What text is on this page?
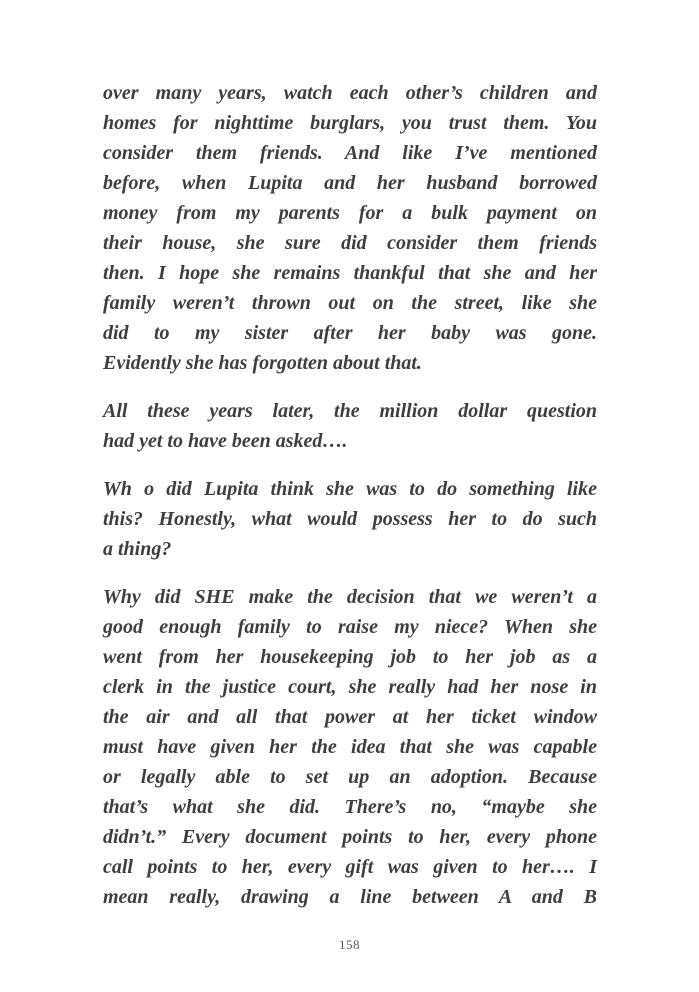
over many years, watch each other’s children and
homes for nighttime burglars, you trust them. You
consider them friends. And like I’ve mentioned
before, when Lupita and her husband borrowed
money from my parents for a bulk payment on
their house, she sure did consider them friends
then. I hope she remains thankful that she and her
family weren’t thrown out on the street, like she
did to my sister after her baby was gone.
Evidently she has forgotten about that.
All these years later, the million dollar question
had yet to have been asked….
Wh o did Lupita think she was to do something like
this? Honestly, what would possess her to do such
a thing?
Why did SHE make the decision that we weren’t a
good enough family to raise my niece? When she
went from her housekeeping job to her job as a
clerk in the justice court, she really had her nose in
the air and all that power at her ticket window
must have given her the idea that she was capable
or legally able to set up an adoption. Because
that’s what she did. There’s no, “maybe she
didn’t.” Every document points to her, every phone
call points to her, every gift was given to her…. I
mean really, drawing a line between A and B
158
